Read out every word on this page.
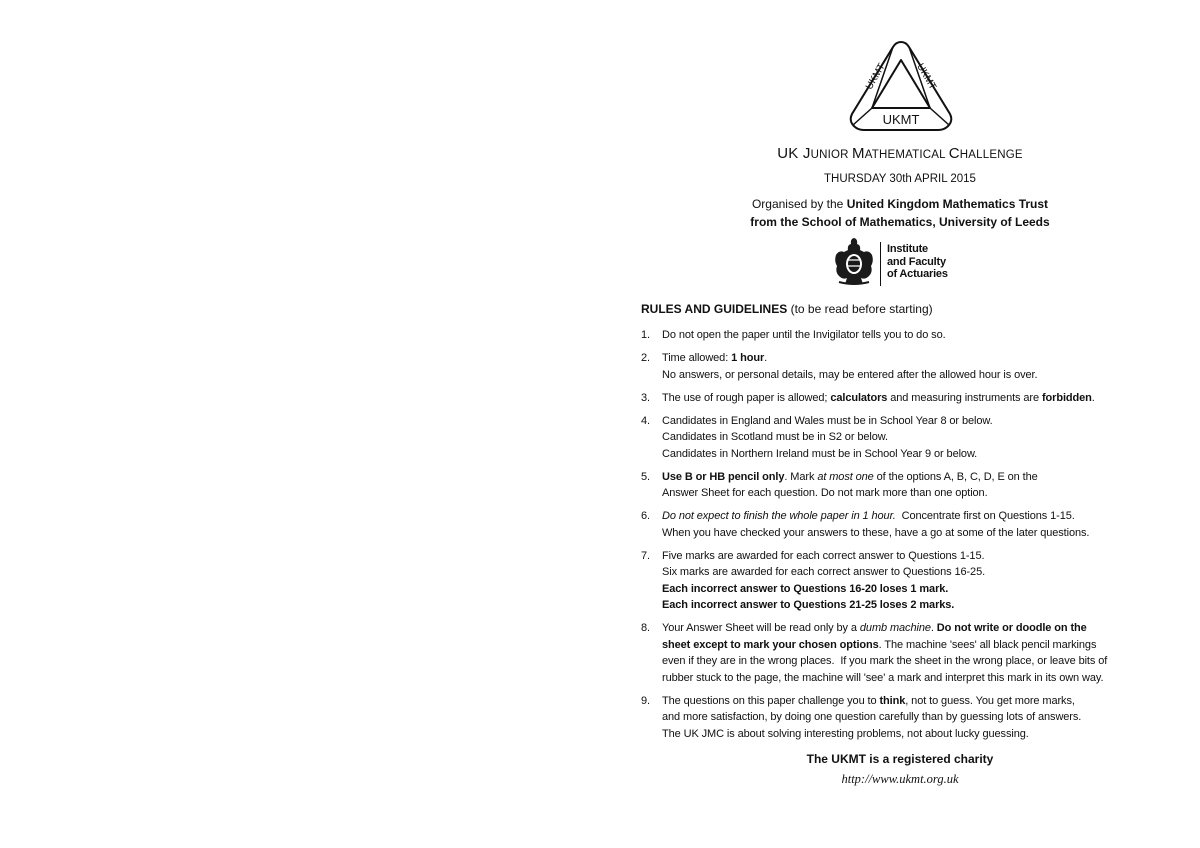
UKMT
UKMT	UKMT
UK JUNIOR MATHEMATICAL CHALLENGE
THURSDAY 30th APRIL 2015
Organised by the United Kingdom Mathematics Trust
from the School of Mathematics, University of Leeds
Institute
and Faculty
of Actuaries
RULES AND GUIDELINES (to be read before starting)
1.	Do not open the paper until the Invigilator tells you to do so.
2.	Time allowed: 1 hour.
No answers, or personal details, may be entered after the allowed hour is over.
3.	The use of rough paper is allowed; calculators and measuring instruments are forbidden.
4.	Candidates in England and Wales must be in School Year 8 or below.
Candidates in Scotland must be in S2 or below.
Candidates in Northern Ireland must be in School Year 9 or below.
5.	Use B or HB pencil only. Mark at most one of the options A, B, C, D, E on the
Answer Sheet for each question. Do not mark more than one option.
6.	Do not expect to finish the whole paper in 1 hour.  Concentrate first on Questions 1-15.
When you have checked your answers to these, have a go at some of the later questions.
7.	Five marks are awarded for each correct answer to Questions 1-15.
Six marks are awarded for each correct answer to Questions 16-25.
Each incorrect answer to Questions 16-20 loses 1 mark.
Each incorrect answer to Questions 21-25 loses 2 marks.
8.	Your Answer Sheet will be read only by a dumb machine. Do not write or doodle on the
sheet except to mark your chosen options. The machine 'sees' all black pencil markings
even if they are in the wrong places.  If you mark the sheet in the wrong place, or leave bits of
rubber stuck to the page, the machine will 'see' a mark and interpret this mark in its own way.
9.	The questions on this paper challenge you to think, not to guess. You get more marks,
and more satisfaction, by doing one question carefully than by guessing lots of answers.
The UK JMC is about solving interesting problems, not about lucky guessing.
The UKMT is a registered charity
http://www.ukmt.org.uk
